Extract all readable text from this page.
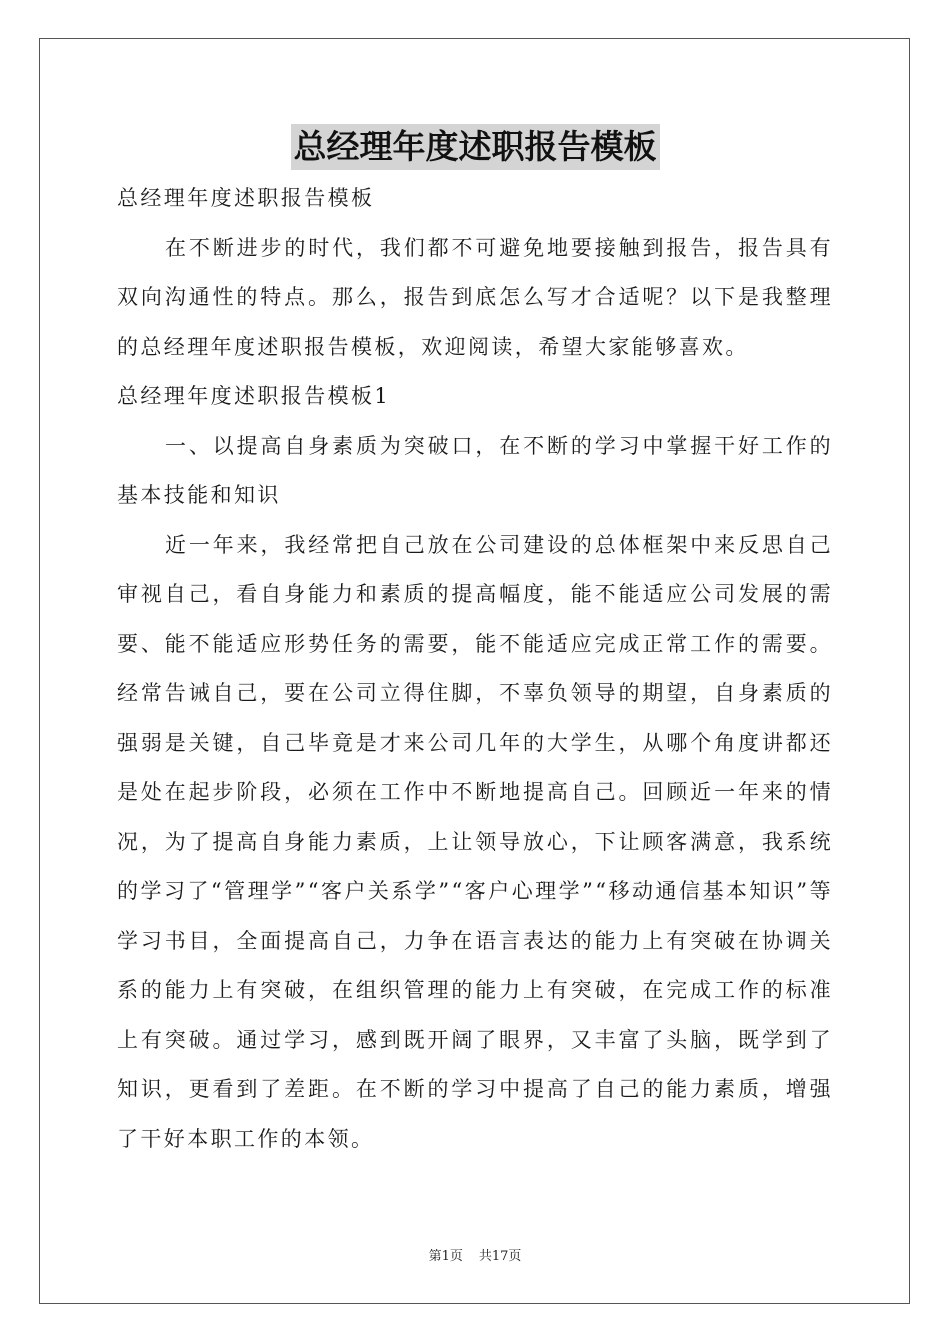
总经理年度述职报告模板

总经理年度述职报告模板

在不断进步的时代，我们都不可避免地要接触到报告，报告具有双向沟通性的特点。那么，报告到底怎么写才合适呢？以下是我整理的总经理年度述职报告模板，欢迎阅读，希望大家能够喜欢。

总经理年度述职报告模板1

一、以提高自身素质为突破口，在不断的学习中掌握干好工作的基本技能和知识

近一年来，我经常把自己放在公司建设的总体框架中来反思自己审视自己，看自身能力和素质的提高幅度，能不能适应公司发展的需要、能不能适应形势任务的需要，能不能适应完成正常工作的需要。经常告诫自己，要在公司立得住脚，不辜负领导的期望，自身素质的强弱是关键，自己毕竟是才来公司几年的大学生，从哪个角度讲都还是处在起步阶段，必须在工作中不断地提高自己。回顾近一年来的情况，为了提高自身能力素质，上让领导放心，下让顾客满意，我系统的学习了“管理学”“客户关系学”“客户心理学”“移动通信基本知识”等学习书目，全面提高自己，力争在语言表达的能力上有突破在协调关系的能力上有突破，在组织管理的能力上有突破，在完成工作的标准上有突破。通过学习，感到既开阔了眼界，又丰富了头脑，既学到了知识，更看到了差距。在不断的学习中提高了自己的能力素质，增强了干好本职工作的本领。

第1页 共17页
